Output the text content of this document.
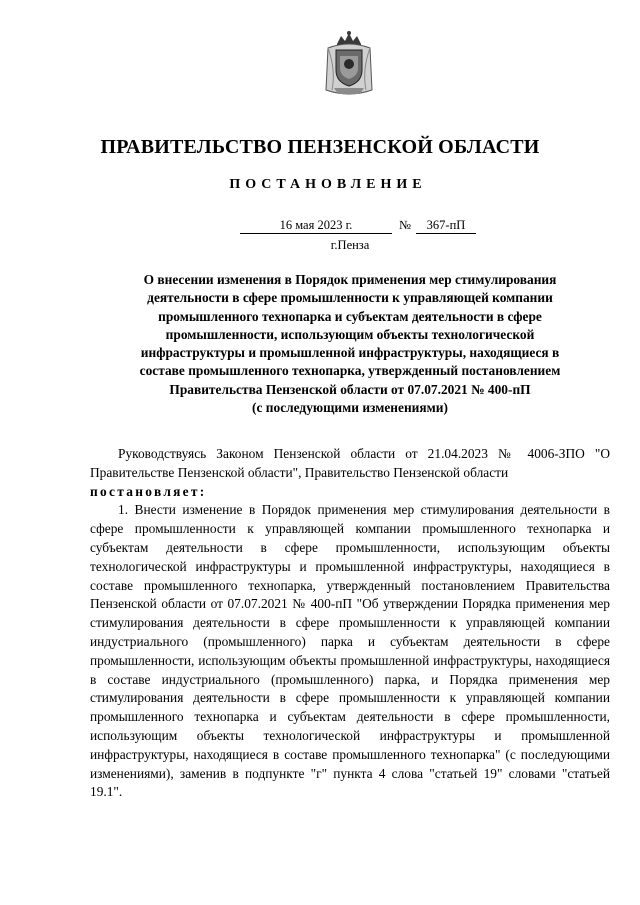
ПРАВИТЕЛЬСТВО ПЕНЗЕНСКОЙ ОБЛАСТИ
ПОСТАНОВЛЕНИЕ
16 мая 2023 г.	№	367-пП
г.Пенза
О внесении изменения в Порядок применения мер стимулирования
деятельности в сфере промышленности к управляющей компании
промышленного технопарка и субъектам деятельности в сфере
промышленности, использующим объекты технологической
инфраструктуры и промышленной инфраструктуры, находящиеся в
составе промышленного технопарка, утвержденный постановлением
Правительства Пензенской области от 07.07.2021 № 400-пП
(с последующими изменениями)

Руководствуясь Законом Пензенской области от 21.04.2023 № 4006-ЗПО "О Правительстве Пензенской области", Правительство Пензенской области

постановляет:

1. Внести изменение в Порядок применения мер стимулирования деятельности в сфере промышленности к управляющей компании промышленного технопарка и субъектам деятельности в сфере промышленности, использующим объекты технологической инфраструктуры и промышленной инфраструктуры, находящиеся в составе промышленного технопарка, утвержденный постановлением Правительства Пензенской области от 07.07.2021 № 400-пП "Об утверждении Порядка применения мер стимулирования деятельности в сфере промышленности к управляющей компании индустриального (промышленного) парка и субъектам деятельности в сфере промышленности, использующим объекты промышленной инфраструктуры, находящиеся в составе индустриального (промышленного) парка, и Порядка применения мер стимулирования деятельности в сфере промышленности к управляющей компании промышленного технопарка и субъектам деятельности в сфере промышленности, использующим объекты технологической инфраструктуры и промышленной инфраструктуры, находящиеся в составе промышленного технопарка" (с последующими изменениями), заменив в подпункте "г" пункта 4 слова "статьей 19" словами "статьей 19.1".
